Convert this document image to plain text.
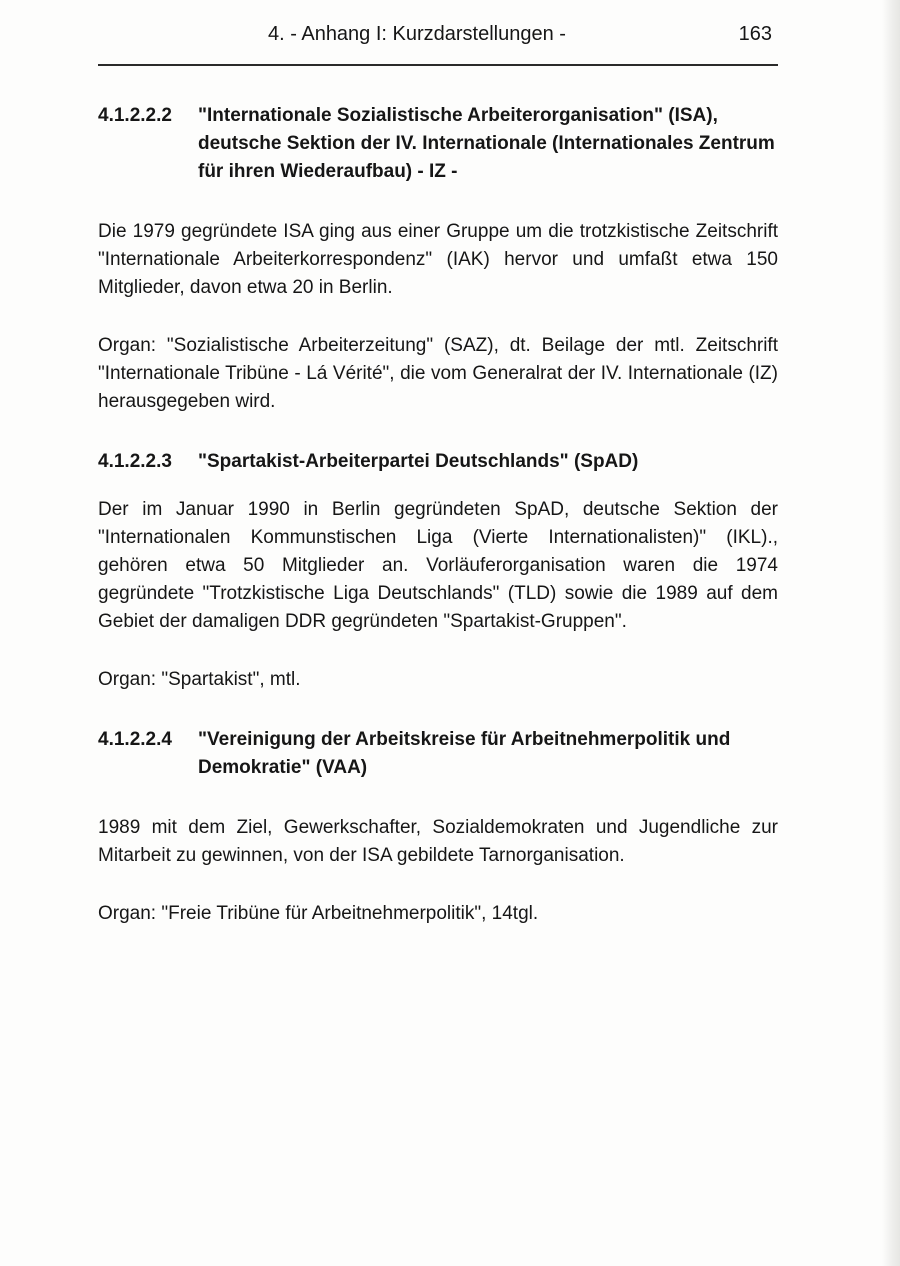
4. - Anhang I: Kurzdarstellungen -	163
4.1.2.2.2	"Internationale Sozialistische Arbeiterorganisation" (ISA), deutsche Sektion der IV. Internationale (Internationales Zentrum für ihren Wiederaufbau) - IZ -

Die 1979 gegründete ISA ging aus einer Gruppe um die trotzkistische Zeitschrift "Internationale Arbeiterkorrespondenz" (IAK) hervor und umfaßt etwa 150 Mitglieder, davon etwa 20 in Berlin.

Organ: "Sozialistische Arbeiterzeitung" (SAZ), dt. Beilage der mtl. Zeitschrift "Internationale Tribüne - Lá Vérité", die vom Generalrat der IV. Internationale (IZ) herausgegeben wird.

4.1.2.2.3	"Spartakist-Arbeiterpartei Deutschlands" (SpAD)

Der im Januar 1990 in Berlin gegründeten SpAD, deutsche Sektion der "Internationalen Kommunstischen Liga (Vierte Internationalisten)" (IKL)., gehören etwa 50 Mitglieder an. Vorläuferorganisation waren die 1974 gegründete "Trotzkistische Liga Deutschlands" (TLD) sowie die 1989 auf dem Gebiet der damaligen DDR gegründeten "Spartakist-Gruppen".

Organ: "Spartakist", mtl.

4.1.2.2.4	"Vereinigung der Arbeitskreise für Arbeitnehmerpolitik und Demokratie" (VAA)

1989 mit dem Ziel, Gewerkschafter, Sozialdemokraten und Jugendliche zur Mitarbeit zu gewinnen, von der ISA gebildete Tarnorganisation.

Organ: "Freie Tribüne für Arbeitnehmerpolitik", 14tgl.
